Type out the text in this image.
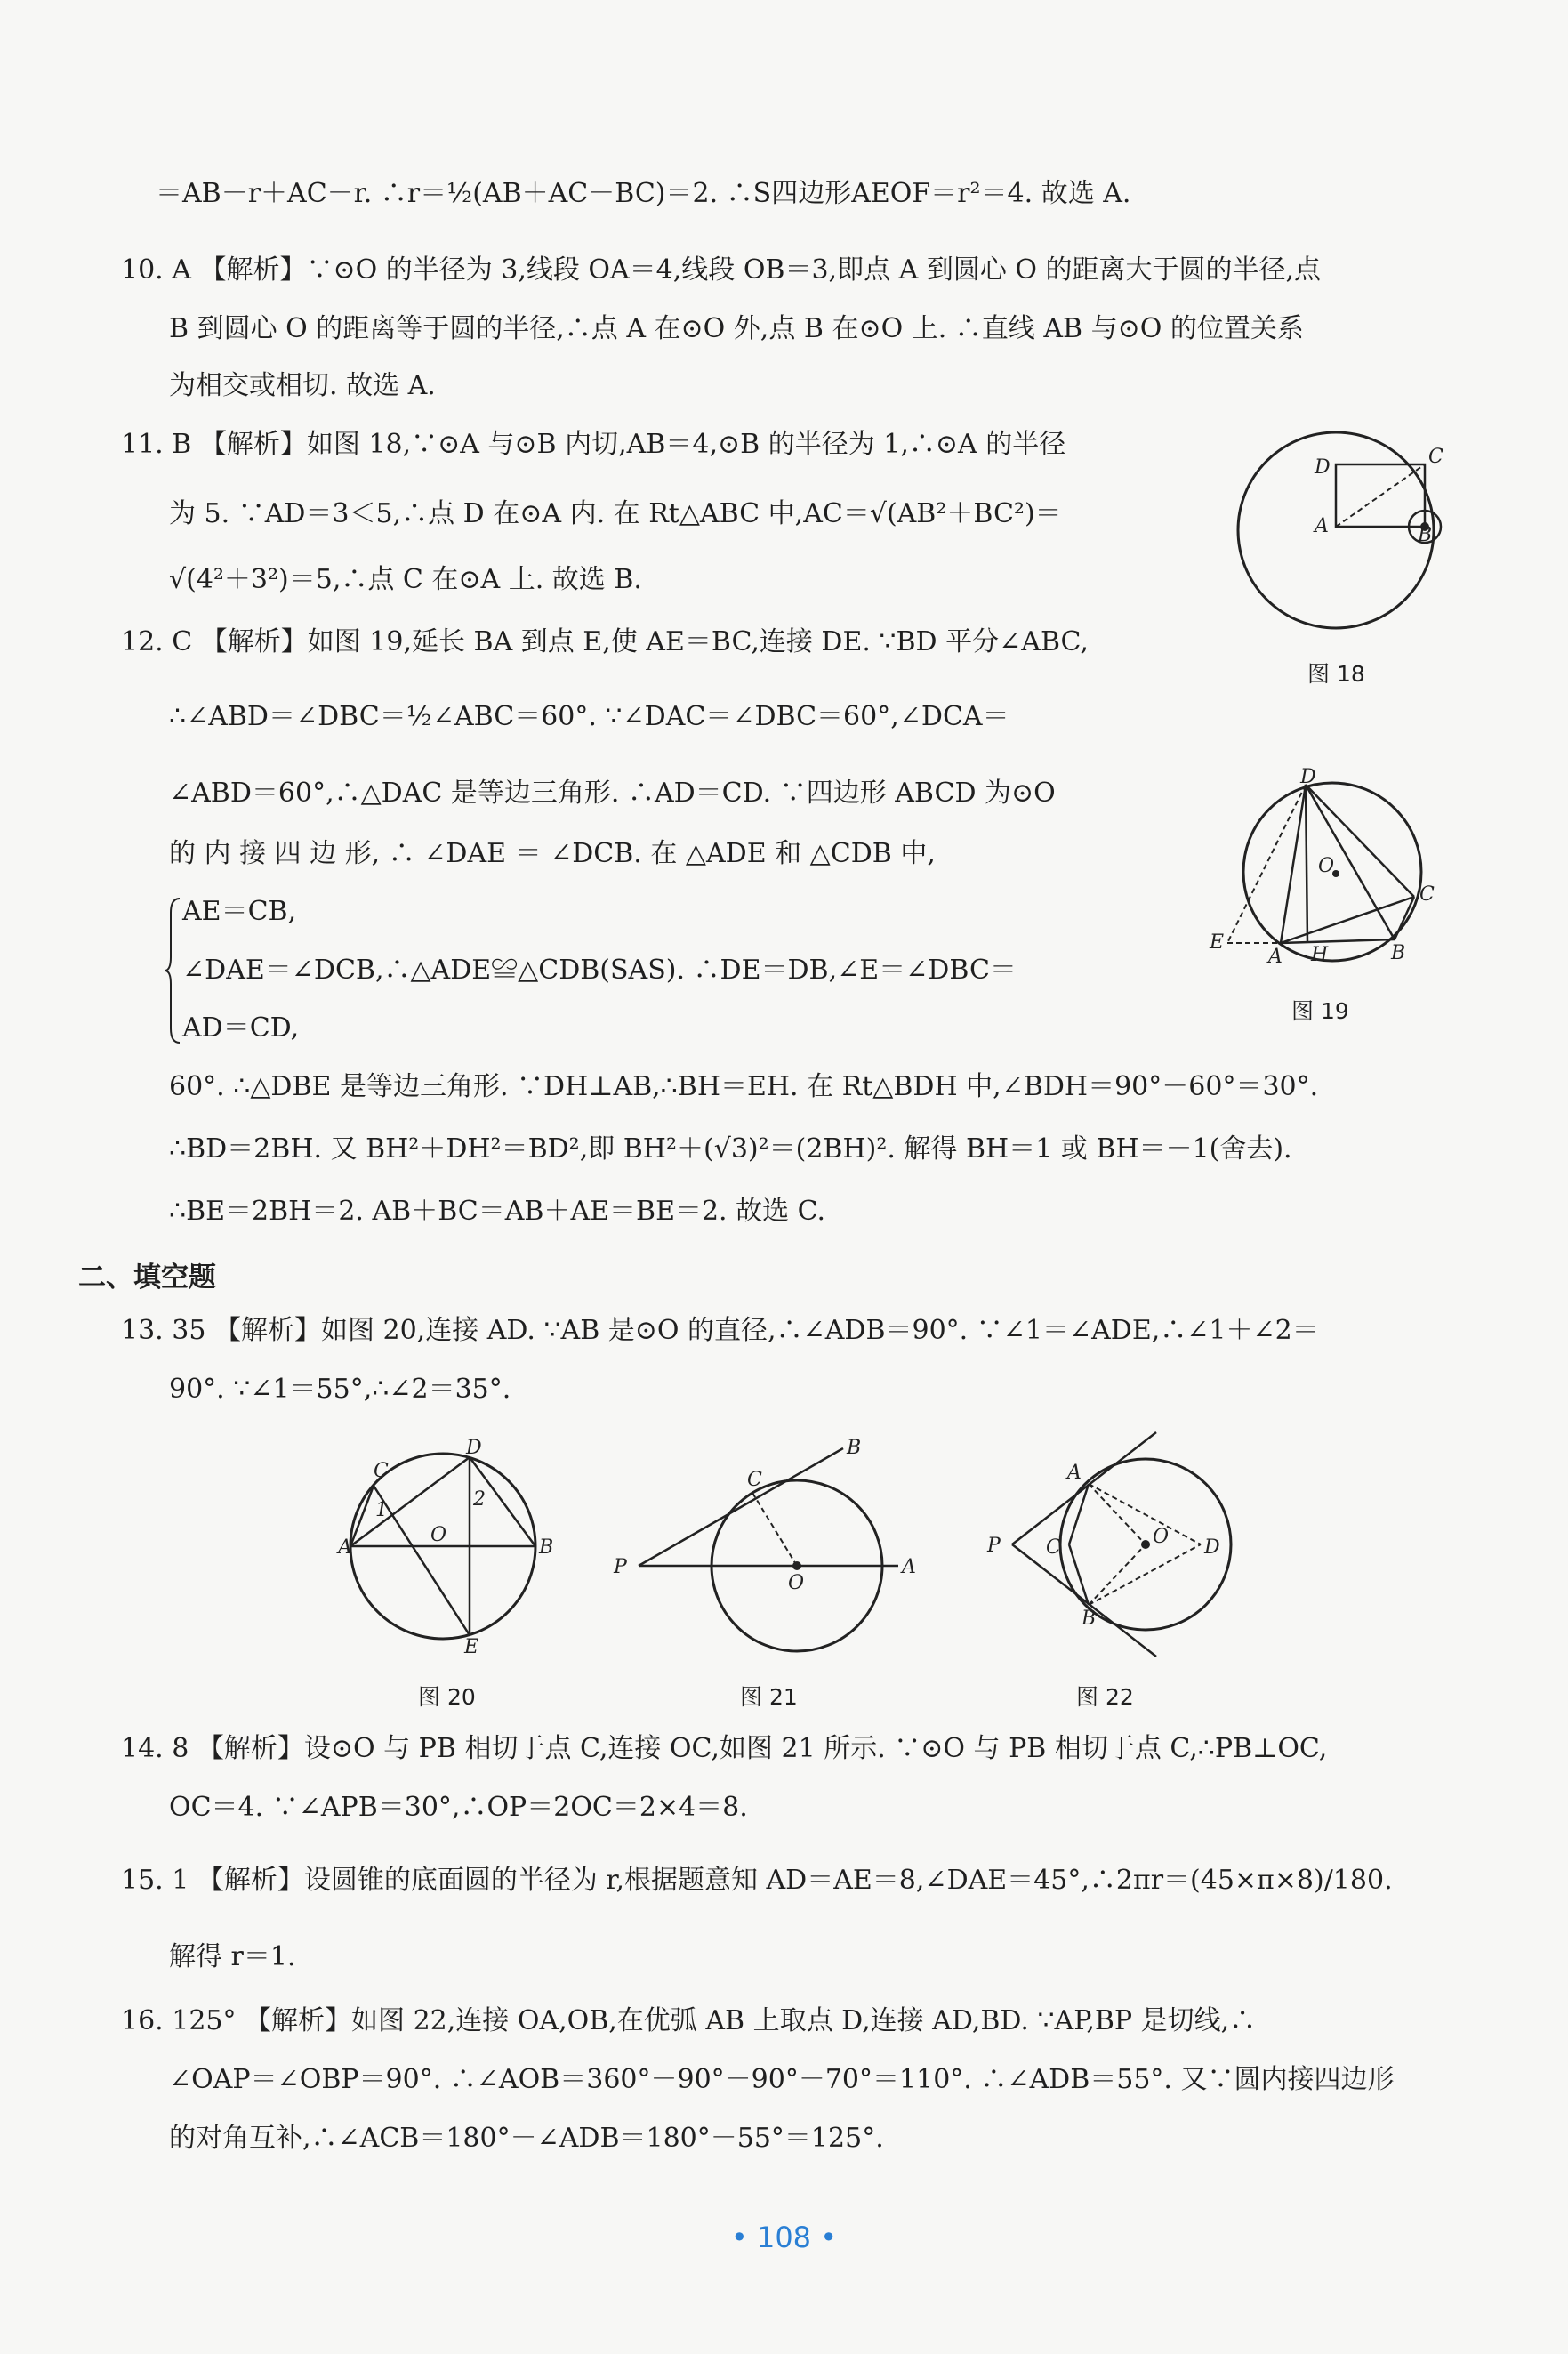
＝AB－r＋AC－r. ∴r＝½(AB＋AC－BC)＝2. ∴S四边形AEOF＝r²＝4. 故选 A.
10. A 【解析】∵⊙O 的半径为 3,线段 OA＝4,线段 OB＝3,即点 A 到圆心 O 的距离大于圆的半径,点
B 到圆心 O 的距离等于圆的半径,∴点 A 在⊙O 外,点 B 在⊙O 上. ∴直线 AB 与⊙O 的位置关系
为相交或相切. 故选 A.
11. B 【解析】如图 18,∵⊙A 与⊙B 内切,AB＝4,⊙B 的半径为 1,∴⊙A 的半径
为 5. ∵AD＝3＜5,∴点 D 在⊙A 内. 在 Rt△ABC 中,AC＝√(AB²＋BC²)＝
√(4²＋3²)＝5,∴点 C 在⊙A 上. 故选 B.
12. C 【解析】如图 19,延长 BA 到点 E,使 AE＝BC,连接 DE. ∵BD 平分∠ABC,
∴∠ABD＝∠DBC＝½∠ABC＝60°. ∵∠DAC＝∠DBC＝60°,∠DCA＝
∠ABD＝60°,∴△DAC 是等边三角形. ∴AD＝CD. ∵四边形 ABCD 为⊙O
的 内 接 四 边 形, ∴ ∠DAE ＝ ∠DCB. 在 △ADE 和 △CDB 中,
AE＝CB,
∠DAE＝∠DCB,∴△ADE≌△CDB(SAS). ∴DE＝DB,∠E＝∠DBC＝
AD＝CD,
60°. ∴△DBE 是等边三角形. ∵DH⊥AB,∴BH＝EH. 在 Rt△BDH 中,∠BDH＝90°－60°＝30°.
∴BD＝2BH. 又 BH²＋DH²＝BD²,即 BH²＋(√3)²＝(2BH)². 解得 BH＝1 或 BH＝－1(舍去).
∴BE＝2BH＝2. AB＋BC＝AB＋AE＝BE＝2. 故选 C.
二、填空题
13. 35 【解析】如图 20,连接 AD. ∵AB 是⊙O 的直径,∴∠ADB＝90°. ∵∠1＝∠ADE,∴∠1＋∠2＝
90°. ∵∠1＝55°,∴∠2＝35°.
14. 8 【解析】设⊙O 与 PB 相切于点 C,连接 OC,如图 21 所示. ∵⊙O 与 PB 相切于点 C,∴PB⊥OC,
OC＝4. ∵∠APB＝30°,∴OP＝2OC＝2×4＝8.
15. 1 【解析】设圆锥的底面圆的半径为 r,根据题意知 AD＝AE＝8,∠DAE＝45°,∴2πr＝(45×π×8)/180.
解得 r＝1.
16. 125° 【解析】如图 22,连接 OA,OB,在优弧 AB 上取点 D,连接 AD,BD. ∵AP,BP 是切线,∴
∠OAP＝∠OBP＝90°. ∴∠AOB＝360°－90°－90°－70°＝110°. ∴∠ADB＝55°. 又∵圆内接四边形
的对角互补,∴∠ACB＝180°－∠ADB＝180°－55°＝125°.
D	C
A	B
图 18
D
O
C
E
A H	B
图 19
C
D
1	2
A
O
B
E
图 20
P
C
B
O
A
图 21
P
A
C	O D
B
图 22
• 108 •
